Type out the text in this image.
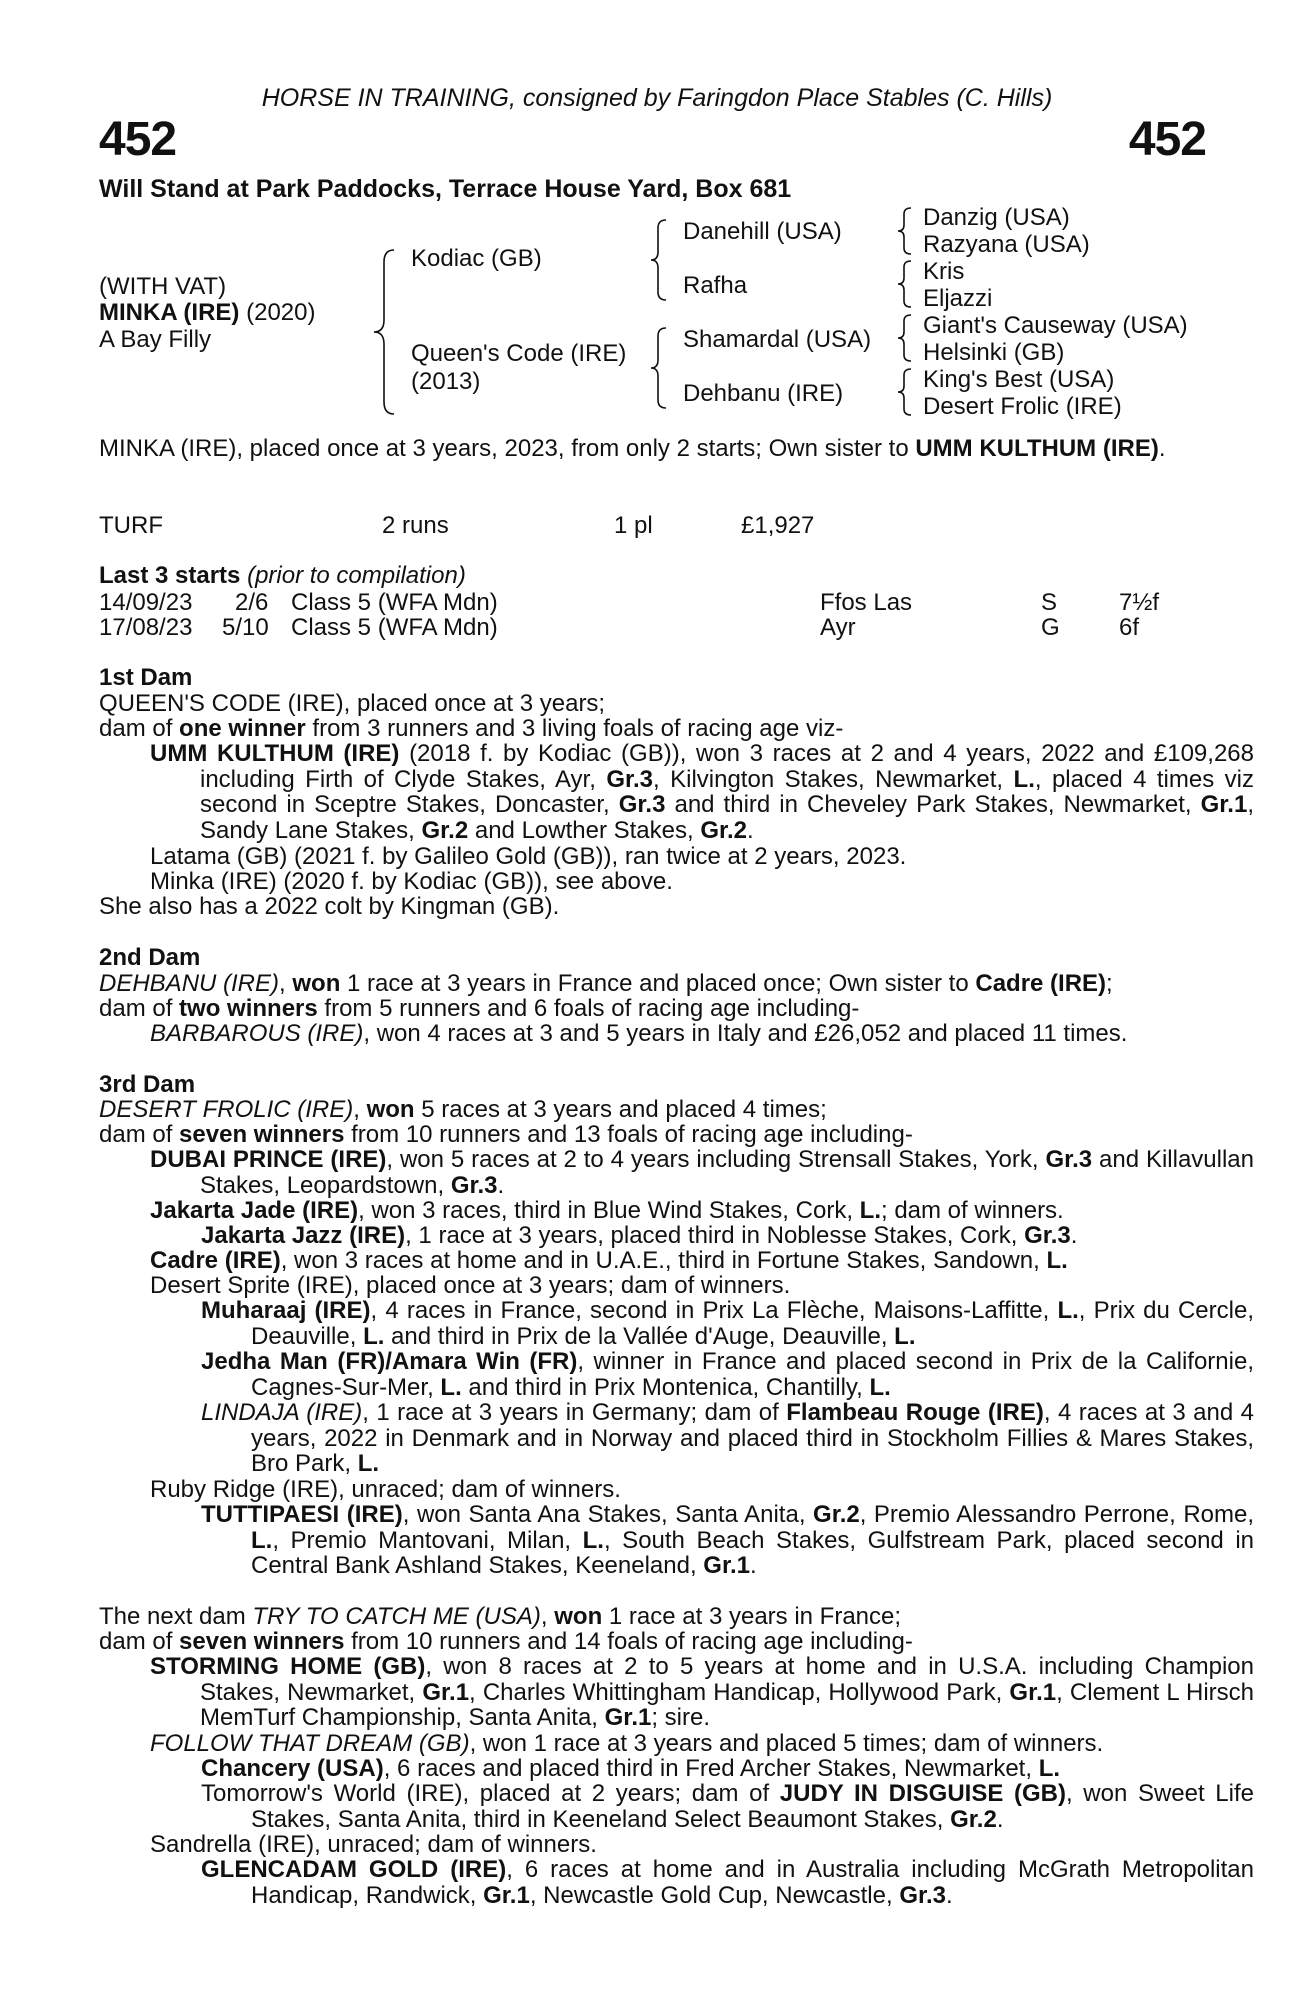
HORSE IN TRAINING, consigned by Faringdon Place Stables (C. Hills)
452	452
Will Stand at Park Paddocks, Terrace House Yard, Box 681
(WITH VAT)
MINKA (IRE) (2020)
A Bay Filly
Kodiac (GB)
Queen's Code (IRE)
(2013)
Danehill (USA)
Rafha
Shamardal (USA)
Dehbanu (IRE)
Danzig (USA)
Razyana (USA)
Kris
Eljazzi
Giant's Causeway (USA)
Helsinki (GB)
King's Best (USA)
Desert Frolic (IRE)

MINKA (IRE), placed once at 3 years, 2023, from only 2 starts; Own sister to UMM KULTHUM (IRE).

TURF	2 runs	1 pl	£1,927
Last 3 starts (prior to compilation)
14/09/23 2/6 Class 5 (WFA Mdn)	Ffos Las	S	7½f
17/08/23 5/10 Class 5 (WFA Mdn)	Ayr	G 6f
1st Dam
QUEEN'S CODE (IRE), placed once at 3 years;
dam of one winner from 3 runners and 3 living foals of racing age viz-

UMM KULTHUM (IRE) (2018 f. by Kodiac (GB)), won 3 races at 2 and 4 years, 2022 and £109,268 including Firth of Clyde Stakes, Ayr, Gr.3, Kilvington Stakes, Newmarket, L., placed 4 times viz second in Sceptre Stakes, Doncaster, Gr.3 and third in Cheveley Park Stakes, Newmarket, Gr.1, Sandy Lane Stakes, Gr.2 and Lowther Stakes, Gr.2.

Latama (GB) (2021 f. by Galileo Gold (GB)), ran twice at 2 years, 2023.
Minka (IRE) (2020 f. by Kodiac (GB)), see above.
She also has a 2022 colt by Kingman (GB).
2nd Dam
DEHBANU (IRE), won 1 race at 3 years in France and placed once; Own sister to Cadre (IRE);
dam of two winners from 5 runners and 6 foals of racing age including-
BARBAROUS (IRE), won 4 races at 3 and 5 years in Italy and £26,052 and placed 11 times.
3rd Dam
DESERT FROLIC (IRE), won 5 races at 3 years and placed 4 times;
dam of seven winners from 10 runners and 13 foals of racing age including-

DUBAI PRINCE (IRE), won 5 races at 2 to 4 years including Strensall Stakes, York, Gr.3 and Killavullan Stakes, Leopardstown, Gr.3.

Jakarta Jade (IRE), won 3 races, third in Blue Wind Stakes, Cork, L.; dam of winners.
Jakarta Jazz (IRE), 1 race at 3 years, placed third in Noblesse Stakes, Cork, Gr.3.
Cadre (IRE), won 3 races at home and in U.A.E., third in Fortune Stakes, Sandown, L.
Desert Sprite (IRE), placed once at 3 years; dam of winners.

Muharaaj (IRE), 4 races in France, second in Prix La Flèche, Maisons-Laffitte, L., Prix du Cercle, Deauville, L. and third in Prix de la Vallée d'Auge, Deauville, L.

Jedha Man (FR)/Amara Win (FR), winner in France and placed second in Prix de la Californie, Cagnes-Sur-Mer, L. and third in Prix Montenica, Chantilly, L.

LINDAJA (IRE), 1 race at 3 years in Germany; dam of Flambeau Rouge (IRE), 4 races at 3 and 4 years, 2022 in Denmark and in Norway and placed third in Stockholm Fillies & Mares Stakes, Bro Park, L.

Ruby Ridge (IRE), unraced; dam of winners.

TUTTIPAESI (IRE), won Santa Ana Stakes, Santa Anita, Gr.2, Premio Alessandro Perrone, Rome, L., Premio Mantovani, Milan, L., South Beach Stakes, Gulfstream Park, placed second in Central Bank Ashland Stakes, Keeneland, Gr.1.

The next dam TRY TO CATCH ME (USA), won 1 race at 3 years in France;
dam of seven winners from 10 runners and 14 foals of racing age including-

STORMING HOME (GB), won 8 races at 2 to 5 years at home and in U.S.A. including Champion Stakes, Newmarket, Gr.1, Charles Whittingham Handicap, Hollywood Park, Gr.1, Clement L Hirsch MemTurf Championship, Santa Anita, Gr.1; sire.

FOLLOW THAT DREAM (GB), won 1 race at 3 years and placed 5 times; dam of winners.
Chancery (USA), 6 races and placed third in Fred Archer Stakes, Newmarket, L.

Tomorrow's World (IRE), placed at 2 years; dam of JUDY IN DISGUISE (GB), won Sweet Life Stakes, Santa Anita, third in Keeneland Select Beaumont Stakes, Gr.2.

Sandrella (IRE), unraced; dam of winners.

GLENCADAM GOLD (IRE), 6 races at home and in Australia including McGrath Metropolitan Handicap, Randwick, Gr.1, Newcastle Gold Cup, Newcastle, Gr.3.
